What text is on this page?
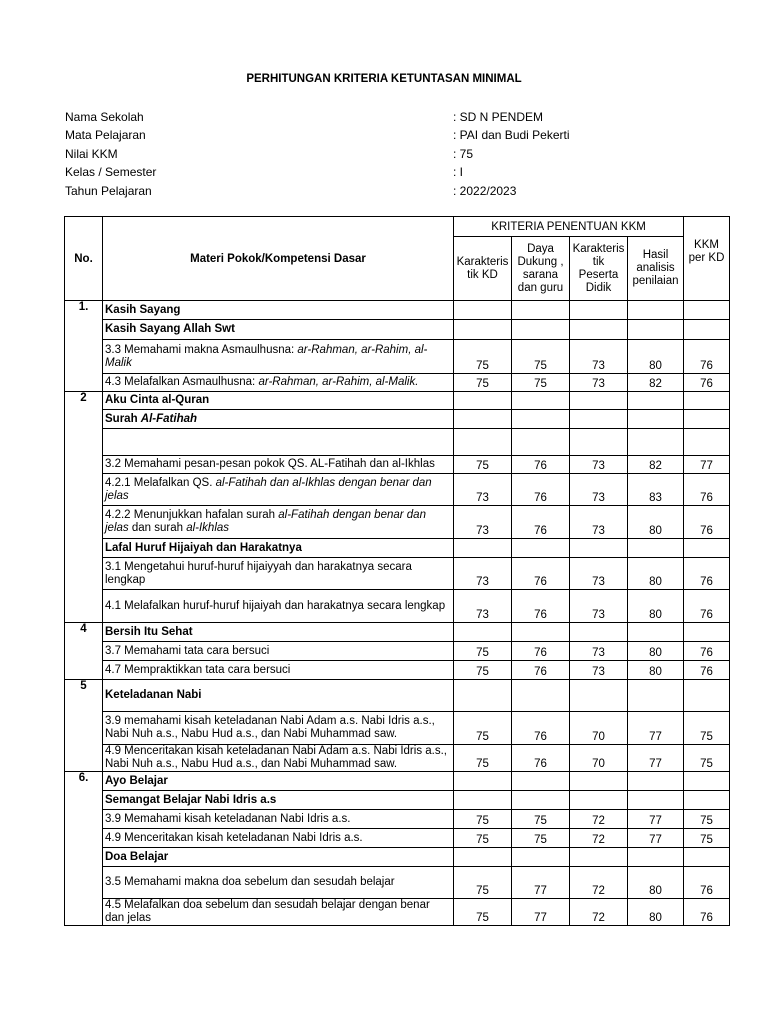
PERHITUNGAN KRITERIA KETUNTASAN MINIMAL
Nama Sekolah	: SD N PENDEM
Mata Pelajaran	: PAI dan Budi Pekerti
Nilai KKM	: 75
Kelas / Semester	: I
Tahun Pelajaran	: 2022/2023
No.	Materi Pokok/Kompetensi Dasar	KRITERIA PENENTUAN KKM				
		Karakteris tik KD	Daya Dukung , sarana dan guru	Karakteris tik Peserta Didik	Hasil analisis penilaian	KKM per KD
1.	Kasih Sayang					
	Kasih Sayang Allah Swt					
	3.3 Memahami makna Asmaulhusna: ar-Rahman, ar-Rahim, al-Malik	75	75	73	80	76
	4.3 Melafalkan Asmaulhusna: ar-Rahman, ar-Rahim, al-Malik.	75	75	73	82	76
2	Aku Cinta al-Quran					
	Surah Al-Fatihah					

	3.2 Memahami pesan-pesan pokok QS. AL-Fatihah dan al-Ikhlas	75	76	73	82	77
	4.2.1 Melafalkan QS. al-Fatihah dan al-Ikhlas dengan benar dan jelas	73	76	73	83	76
	4.2.2 Menunjukkan hafalan surah al-Fatihah dengan benar dan jelas dan surah al-Ikhlas	73	76	73	80	76
	Lafal Huruf Hijaiyah dan Harakatnya					
	3.1 Mengetahui huruf-huruf hijaiyyah dan harakatnya secara lengkap	73	76	73	80	76
	4.1 Melafalkan huruf-huruf hijaiyah dan harakatnya secara lengkap	73	76	73	80	76
4	Bersih Itu Sehat					
	3.7 Memahami tata cara bersuci	75	76	73	80	76
	4.7 Mempraktikkan tata cara bersuci	75	76	73	80	76
5	Keteladanan Nabi					
	3.9 memahami kisah keteladanan Nabi Adam a.s. Nabi Idris a.s., Nabi Nuh a.s., Nabu Hud a.s., dan Nabi Muhammad saw.	75	76	70	77	75
	4.9 Menceritakan kisah keteladanan Nabi Adam a.s. Nabi Idris a.s., Nabi Nuh a.s., Nabu Hud a.s., dan Nabi Muhammad saw.	75	76	70	77	75
6.	Ayo Belajar					
	Semangat Belajar Nabi Idris a.s					
	3.9 Memahami kisah keteladanan Nabi Idris a.s.	75	75	72	77	75
	4.9 Menceritakan kisah keteladanan Nabi Idris a.s.	75	75	72	77	75
	Doa Belajar					
	3.5 Memahami makna doa sebelum dan sesudah belajar	75	77	72	80	76
	4.5 Melafalkan doa sebelum dan sesudah belajar dengan benar dan jelas	75	77	72	80	76
